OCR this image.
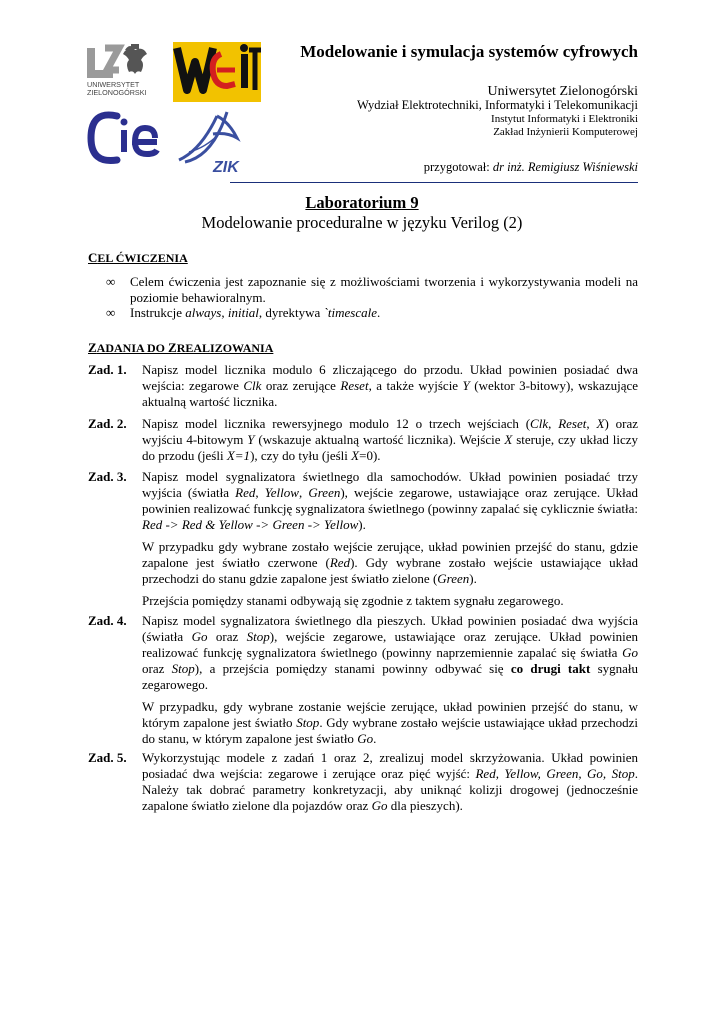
UNIWERSYTET
ZIELONOGÓRSKI
ZIK
Modelowanie i symulacja systemów cyfrowych
Uniwersytet Zielonogórski
Wydział Elektrotechniki, Informatyki i Telekomunikacji
Instytut Informatyki i Elektroniki
Zakład Inżynierii Komputerowej
przygotował: dr inż. Remigiusz Wiśniewski
Laboratorium 9
Modelowanie proceduralne w języku Verilog (2)
CEL ĆWICZENIA
∞ Celem ćwiczenia jest zapoznanie się z możliwościami tworzenia i wykorzystywania modeli na poziomie behawioralnym.
∞ Instrukcje always, initial, dyrektywa `timescale.
ZADANIA DO ZREALIZOWANIA
Zad. 1. Napisz model licznika modulo 6 zliczającego do przodu. Układ powinien posiadać dwa wejścia: zegarowe Clk oraz zerujące Reset, a także wyjście Y (wektor 3-bitowy), wskazujące aktualną wartość licznika.

Zad. 2. Napisz model licznika rewersyjnego modulo 12 o trzech wejściach (Clk, Reset, X) oraz wyjściu 4-bitowym Y (wskazuje aktualną wartość licznika). Wejście X steruje, czy układ liczy do przodu (jeśli X=1), czy do tyłu (jeśli X=0).

Zad. 3. Napisz model sygnalizatora świetlnego dla samochodów. Układ powinien posiadać trzy wyjścia (światła Red, Yellow, Green), wejście zegarowe, ustawiające oraz zerujące. Układ powinien realizować funkcję sygnalizatora świetlnego (powinny zapalać się cyklicznie światła: Red -> Red & Yellow -> Green -> Yellow).

W przypadku gdy wybrane zostało wejście zerujące, układ powinien przejść do stanu, gdzie zapalone jest światło czerwone (Red). Gdy wybrane zostało wejście ustawiające układ przechodzi do stanu gdzie zapalone jest światło zielone (Green).

Przejścia pomiędzy stanami odbywają się zgodnie z taktem sygnału zegarowego.

Zad. 4. Napisz model sygnalizatora świetlnego dla pieszych. Układ powinien posiadać dwa wyjścia (światła Go oraz Stop), wejście zegarowe, ustawiające oraz zerujące. Układ powinien realizować funkcję sygnalizatora świetlnego (powinny naprzemiennie zapalać się światła Go oraz Stop), a przejścia pomiędzy stanami powinny odbywać się co drugi takt sygnału zegarowego.

W przypadku, gdy wybrane zostanie wejście zerujące, układ powinien przejść do stanu, w którym zapalone jest światło Stop. Gdy wybrane zostało wejście ustawiające układ przechodzi do stanu, w którym zapalone jest światło Go.

Zad. 5. Wykorzystując modele z zadań 1 oraz 2, zrealizuj model skrzyżowania. Układ powinien posiadać dwa wejścia: zegarowe i zerujące oraz pięć wyjść: Red, Yellow, Green, Go, Stop. Należy tak dobrać parametry konkretyzacji, aby uniknąć kolizji drogowej (jednocześnie zapalone światło zielone dla pojazdów oraz Go dla pieszych).
